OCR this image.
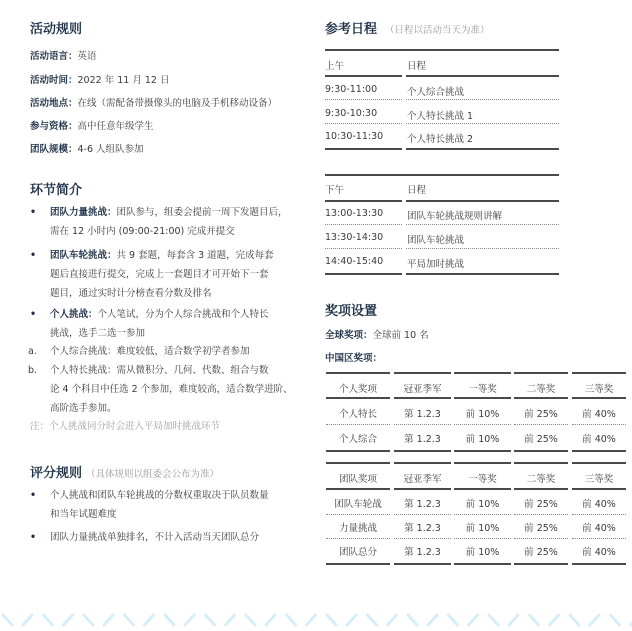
活动规则
活动语言：英语
活动时间：2022 年 11 月 12 日
活动地点：在线（需配备带摄像头的电脑及手机移动设备）
参与资格：高中任意年级学生
团队规模：4-6 人组队参加
环节简介
•	团队力量挑战：团队参与，组委会提前一周下发题目后，
需在 12 小时内 (09:00-21:00) 完成并提交
•	团队车轮挑战：共 9 套题，每套含 3 道题，完成每套
题后直接进行提交，完成上一套题目才可开始下一套
题目，通过实时计分榜查看分数及排名
•	个人挑战：个人笔试，分为个人综合挑战和个人特长
挑战，选手二选一参加
a.	个人综合挑战：难度较低，适合数学初学者参加
b.	个人特长挑战：需从微积分、几何、代数、组合与数
论 4 个科目中任选 2 个参加，难度较高，适合数学进阶、
高阶选手参加。
注：个人挑战同分时会进入平局加时挑战环节
评分规则 （具体规则以组委会公布为准）
•	个人挑战和团队车轮挑战的分数权重取决于队员数量
和当年试题难度
•	团队力量挑战单独排名，不计入活动当天团队总分
参考日程 （日程以活动当天为准）
上午	日程
9:30-11:00	个人综合挑战
9:30-10:30	个人特长挑战 1
10:30-11:30	个人特长挑战 2
下午	日程
13:00-13:30	团队车轮挑战规则讲解
13:30-14:30	团队车轮挑战
14:40-15:40	平局加时挑战
奖项设置
全球奖项：全球前 10 名
中国区奖项：
个人奖项	冠亚季军	一等奖	二等奖	三等奖
个人特长	第 1.2.3	前 10%	前 25%	前 40%
个人综合	第 1.2.3	前 10%	前 25%	前 40%
团队奖项	冠亚季军	一等奖	二等奖	三等奖
团队车轮战	第 1.2.3	前 10%	前 25%	前 40%
力量挑战	第 1.2.3	前 10%	前 25%	前 40%
团队总分	第 1.2.3	前 10%	前 25%	前 40%
